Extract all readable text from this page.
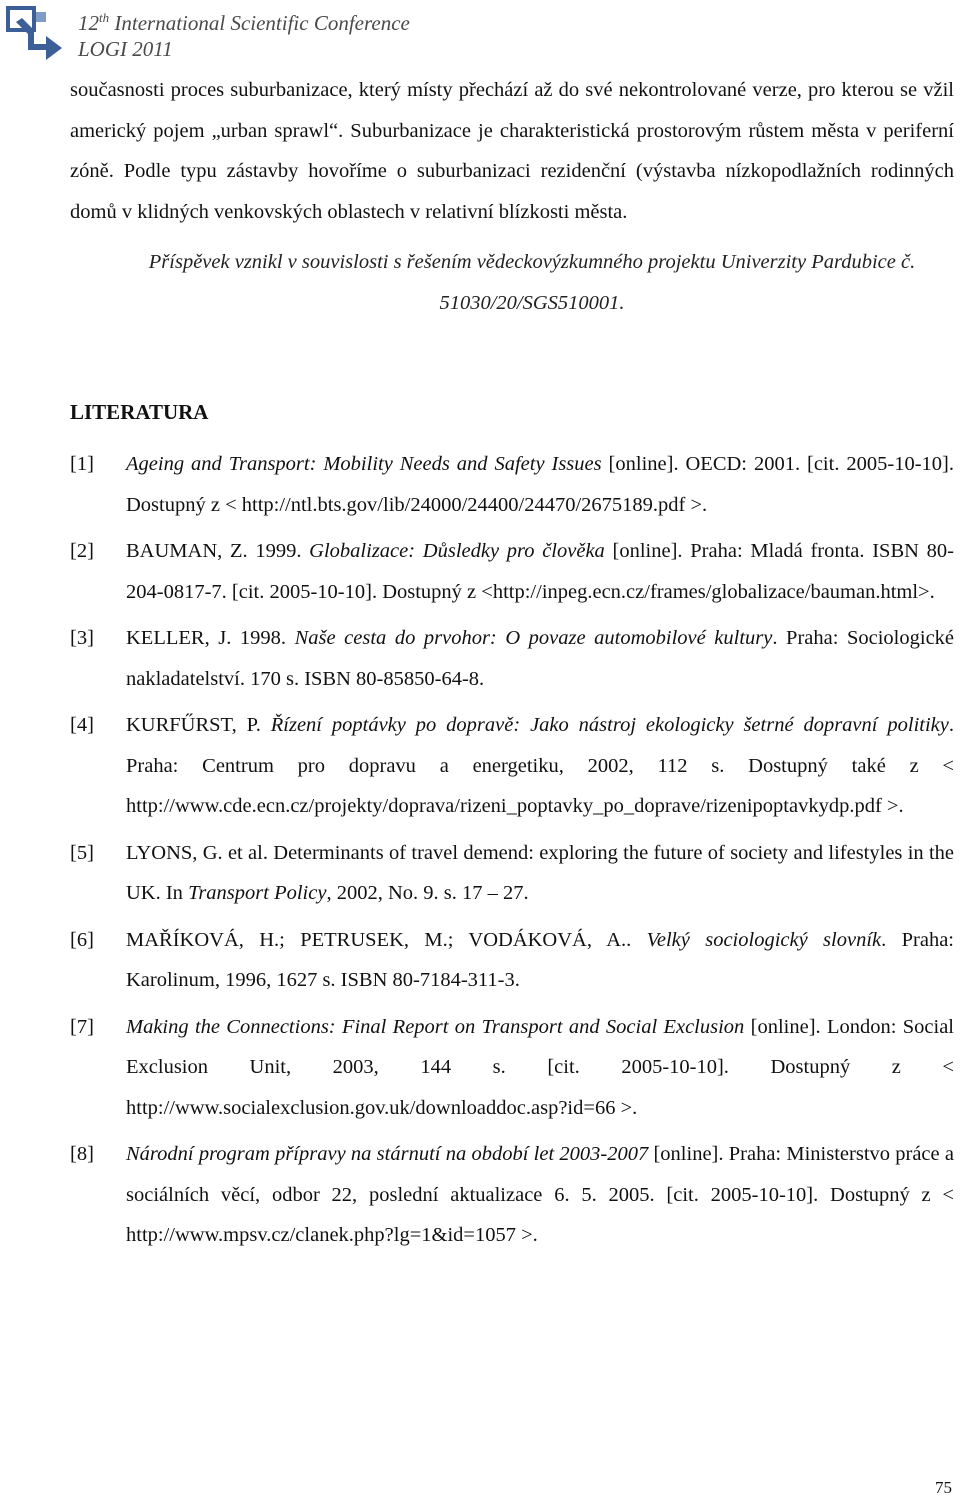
12th International Scientific Conference
LOGI 2011

současnosti proces suburbanizace, který místy přechází až do své nekontrolované verze, pro kterou se vžil americký pojem „urban sprawl“. Suburbanizace je charakteristická prostorovým růstem města v periferní zóně. Podle typu zástavby hovoříme o suburbanizaci rezidenční (výstavba nízkopodlažních rodinných domů v klidných venkovských oblastech v relativní blízkosti města.

Příspěvek vznikl v souvislosti s řešením vědeckovýzkumného projektu Univerzity Pardubice č. 51030/20/SGS510001.

LITERATURA
[1] Ageing and Transport: Mobility Needs and Safety Issues [online]. OECD: 2001. [cit. 2005-10-10]. Dostupný z < http://ntl.bts.gov/lib/24000/24400/24470/2675189.pdf >.
[2] BAUMAN, Z. 1999. Globalizace: Důsledky pro člověka [online]. Praha: Mladá fronta. ISBN 80-204-0817-7. [cit. 2005-10-10]. Dostupný z <http://inpeg.ecn.cz/frames/globalizace/bauman.html>.
[3] KELLER, J. 1998. Naše cesta do prvohor: O povaze automobilové kultury. Praha: Sociologické nakladatelství. 170 s. ISBN 80-85850-64-8.
[4] KURFŰRST, P. Řízení poptávky po dopravě: Jako nástroj ekologicky šetrné dopravní politiky. Praha: Centrum pro dopravu a energetiku, 2002, 112 s. Dostupný také z < http://www.cde.ecn.cz/projekty/doprava/rizeni_poptavky_po_doprave/rizenipoptavkydp.pdf >.
[5] LYONS, G. et al. Determinants of travel demend: exploring the future of society and lifestyles in the UK. In Transport Policy, 2002, No. 9. s. 17 – 27.
[6] MAŘÍKOVÁ, H.; PETRUSEK, M.; VODÁKOVÁ, A.. Velký sociologický slovník. Praha: Karolinum, 1996, 1627 s. ISBN 80-7184-311-3.
[7] Making the Connections: Final Report on Transport and Social Exclusion [online]. London: Social Exclusion Unit, 2003, 144 s. [cit. 2005-10-10]. Dostupný z < http://www.socialexclusion.gov.uk/downloaddoc.asp?id=66 >.
[8] Národní program přípravy na stárnutí na období let 2003-2007 [online]. Praha: Ministerstvo práce a sociálních věcí, odbor 22, poslední aktualizace 6. 5. 2005. [cit. 2005-10-10]. Dostupný z < http://www.mpsv.cz/clanek.php?lg=1&id=1057 >.
75
